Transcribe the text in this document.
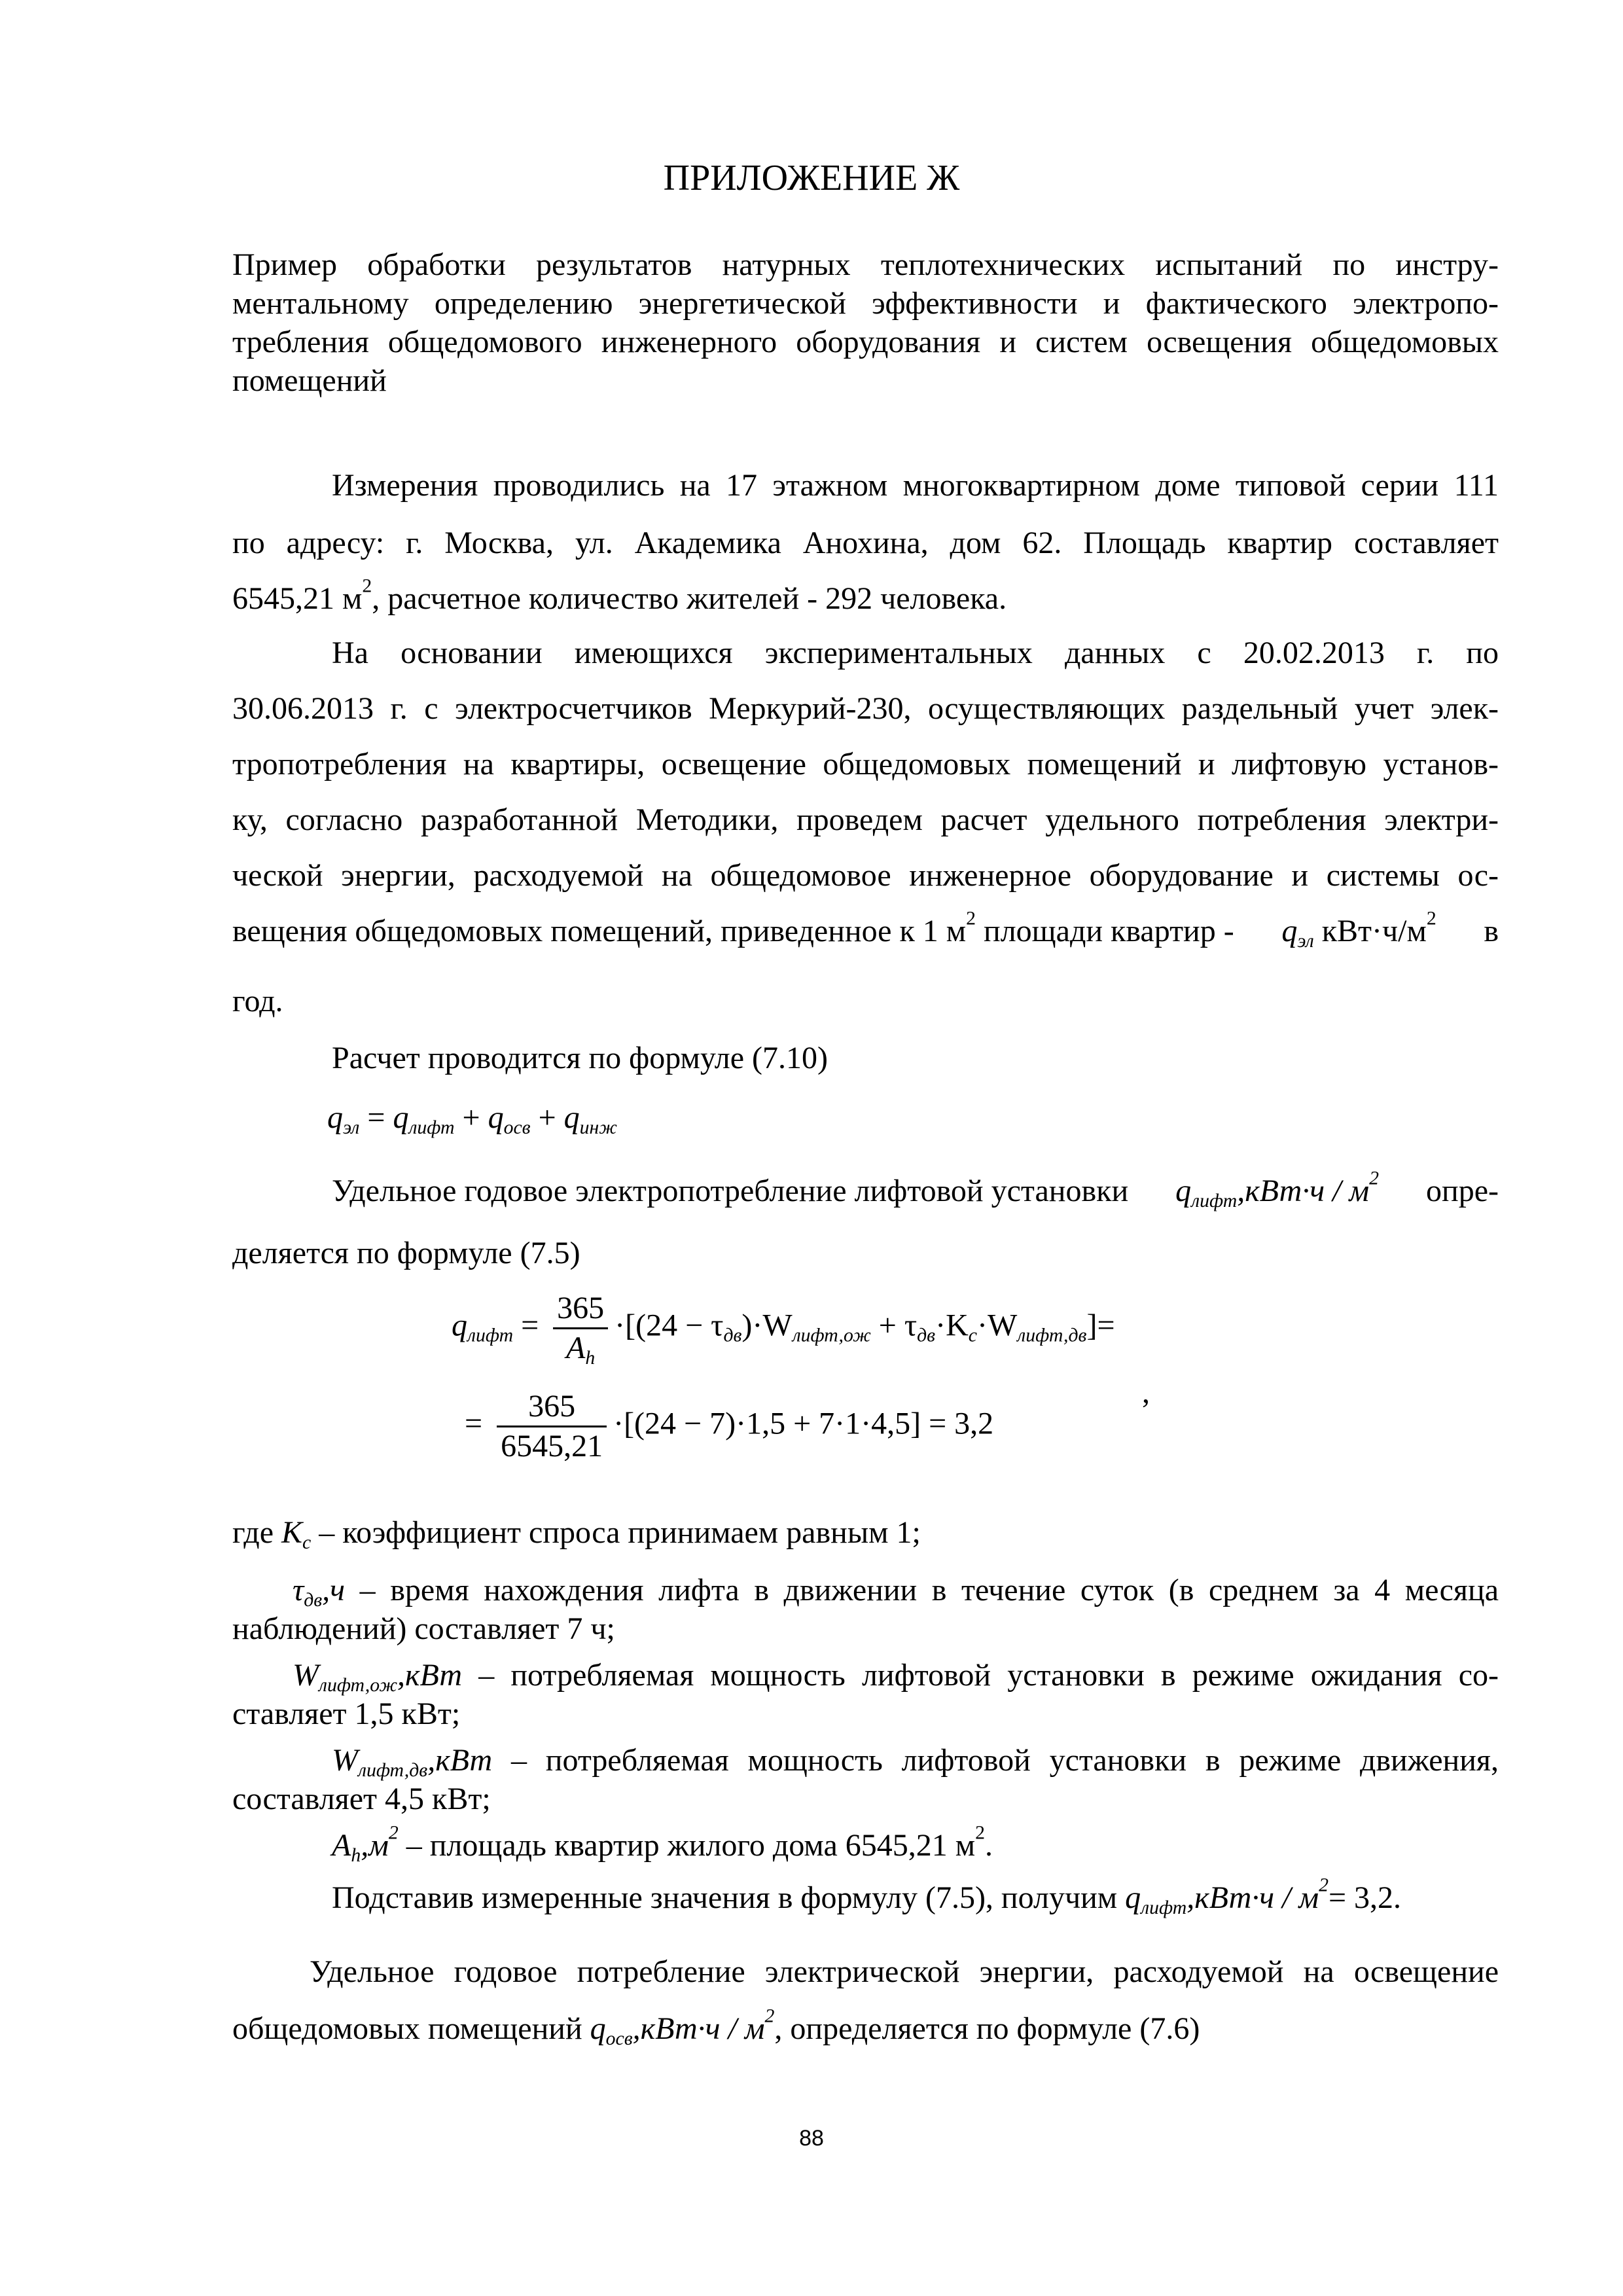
ПРИЛОЖЕНИЕ Ж

Пример обработки результатов натурных теплотехнических испытаний по инстру-

ментальному определению энергетической эффективности и фактического электропо-

требления общедомового инженерного оборудования и систем освещения общедомовых

помещений

Измерения проводились на 17 этажном многоквартирном доме типовой серии 111

по адресу: г. Москва, ул. Академика Анохина, дом 62. Площадь квартир составляет

6545,21 $м^2$, расчетное количество жителей - 292 человека.

На основании имеющихся экспериментальных данных с 20.02.2013 г. по

30.06.2013 г. с электросчетчиков Меркурий-230, осуществляющих раздельный учет элек-

тропотребления на квартиры, освещение общедомовых помещений и лифтовую установ-

ку, согласно разработанной Методики, проведем расчет удельного потребления электри-

ческой энергии, расходуемой на общедомовое инженерное оборудование и системы ос-

вещения общедомовых помещений, приведенное к 1 $м^2$ площади квартир - $q_{эл}$ $кВт\cdot ч/м^2$ в

год.

Расчет проводится по формуле (7.10)

$q_{эл} = q_{лифт} + q_{осв} + q_{инж}$

Удельное годовое электропотребление лифтовой установки $q_{лифт},кВт\cdot ч / м^2$ опре-

деляется по формуле (7.5)

$q_{лифт} = \frac{365}{A_h} \cdot[(24 - \tau_{дв})\cdot W_{лифт,ож} + \tau_{дв}\cdot K_c\cdot W_{лифт,дв}]=$
,
= $\frac{365}{6545,21} \cdot[(24 - 7)\cdot 1,5 + 7\cdot 1\cdot 4,5] = 3,2$

где $K_c$ – коэффициент спроса принимаем равным 1;

$\tau_{дв},ч$ – время нахождения лифта в движении в течение суток (в среднем за 4 месяца

наблюдений) составляет 7 ч;

$W_{лифт,ож},кВт$ – потребляемая мощность лифтовой установки в режиме ожидания со-

ставляет 1,5 кВт;

$W_{лифт,дв},кВт$ – потребляемая мощность лифтовой установки в режиме движения,

составляет 4,5 кВт;

$A_h,м^2$ – площадь квартир жилого дома 6545,21 $м^2$.

Подставив измеренные значения в формулу (7.5), получим $q_{лифт},кВт\cdot ч / м^2= 3,2$.

Удельное годовое потребление электрической энергии, расходуемой на освещение

общедомовых помещений $q_{осв},кВт\cdot ч / м^2$, определяется по формуле (7.6)

88
